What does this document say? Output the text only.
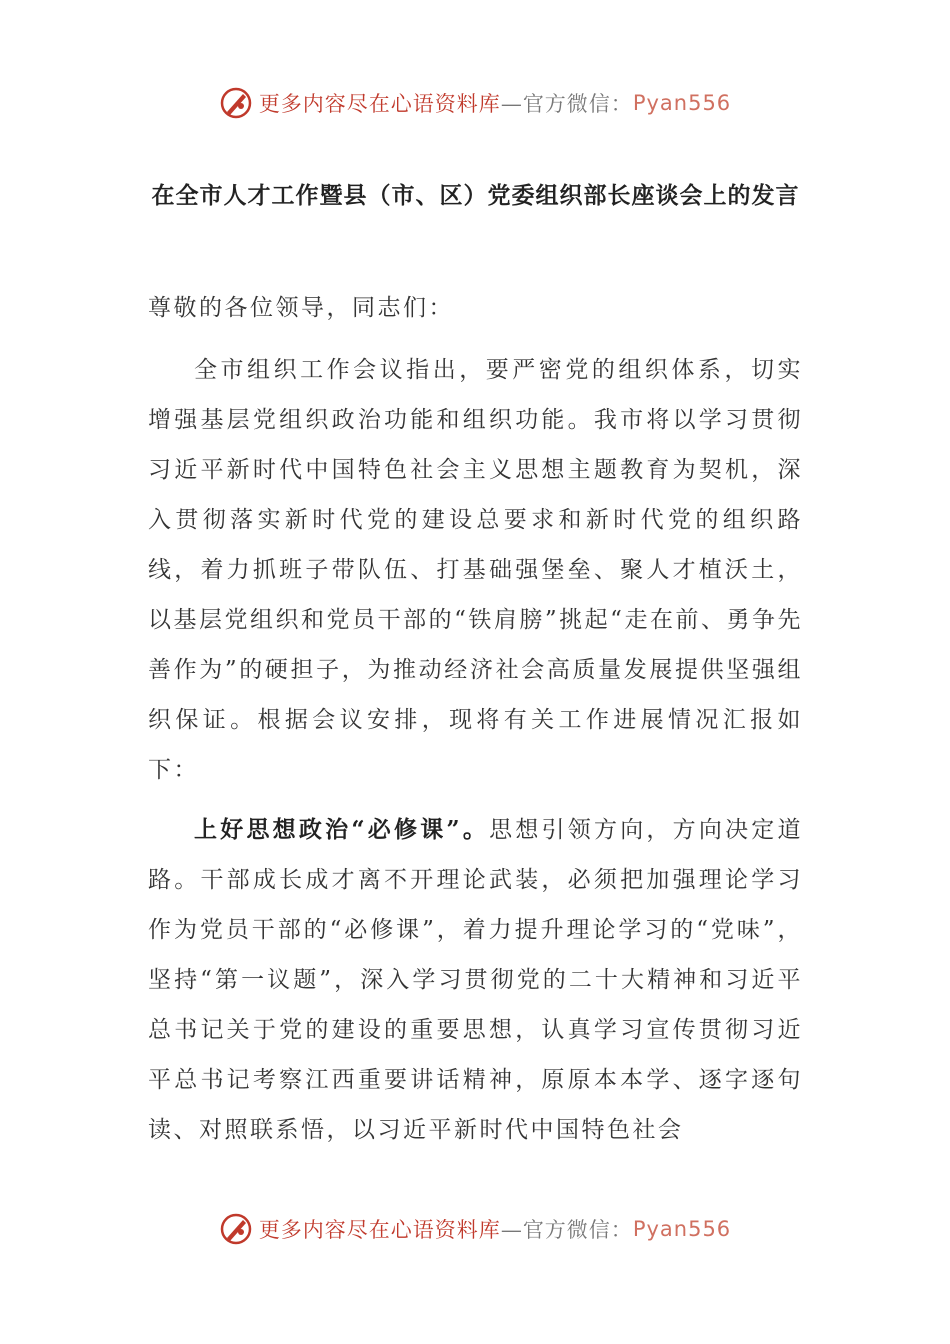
更多内容尽在心语资料库 —官方微信： Pyan556
在全市人才工作暨县（市、区）党委组织部长座谈会上的发言
尊敬的各位领导，同志们：
全市组织工作会议指出，要严密党的组织体系，切实增强基层党组织政治功能和组织功能。我市将以学习贯彻习近平新时代中国特色社会主义思想主题教育为契机，深入贯彻落实新时代党的建设总要求和新时代党的组织路线，着力抓班子带队伍、打基础强堡垒、聚人才植沃土，以基层党组织和党员干部的“铁肩膀”挑起“走在前、勇争先善作为”的硬担子，为推动经济社会高质量发展提供坚强组织保证。根据会议安排，现将有关工作进展情况汇报如下：
上好思想政治“必修课”。思想引领方向，方向决定道路。干部成长成才离不开理论武装，必须把加强理论学习作为党员干部的“必修课”，着力提升理论学习的“党味”，坚持“第一议题”，深入学习贯彻党的二十大精神和习近平总书记关于党的建设的重要思想，认真学习宣传贯彻习近平总书记考察江西重要讲话精神，原原本本学、逐字逐句读、对照联系悟，以习近平新时代中国特色社会
更多内容尽在心语资料库 —官方微信： Pyan556
